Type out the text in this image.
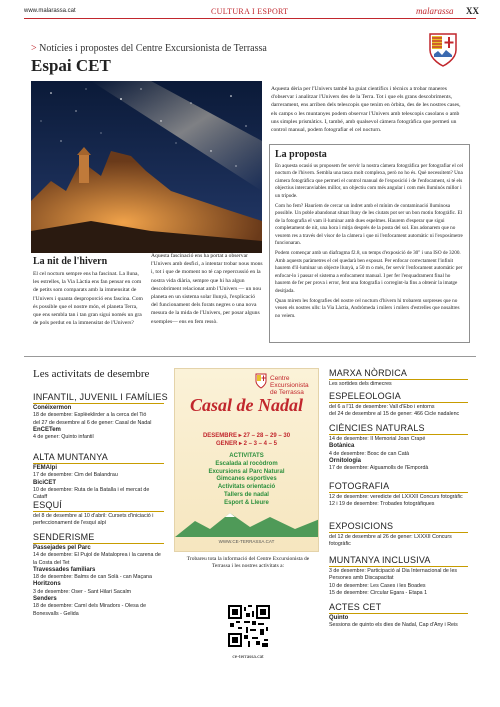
www.malarassa.cat	CULTURA I ESPORT	malarassa XX
> Notícies i propostes del Centre Excursionista de Terrassa
Espai CET
La nit de l'hivern
El cel nocturn sempre ens ha fascinat. La lluna, les estrelles, la Via Làctia ens fan pensar en com de petits som comparats amb la immensitat de l'Univers i quanta desproporció ens fascina. Com és possible que el nostre món, el planeta Terra, que ens sembla tan i tan gran sigui només un gra de pols perdut en la immensitat de l'Univers?
Aquesta fascinació ens ha portat a observar l'Univers amb desfici, a intentar trobar nous mons i, tot i que de moment no té cap repercussió en la nostra vida diària, sempre que hi ha algun descobriment relacionat amb l'Univers — un nou planeta en un sistema solar llunyà, l'explicació del funcionament dels forats negres o una nova mesura de la mida de l'Univers, per posar alguns exemples— ens en fem ressò.
Aquesta dèria per l'Univers també ha guiat científics i tècnics a trobar maneres d'observar i analitzar l'Univers des de la Terra. Tot i que els grans descobriments, darrerament, ens arriben dels telescopis que tenim en òrbita, des de les nostres cases, els camps o les muntanyes podem observar l'Univers amb telescopis casolans o amb uns simples prismàtics. I, també, amb qualsevol càmera fotogràfica que permeti un control manual, podem fotografiar el cel nocturn.
La proposta

En aquesta ocasió us proposem fer servir la nostra càmera fotogràfica per fotografiar el cel nocturn de l'hivern. Sembla una tasca molt complexa, però no ho és. Què necessitem? Una càmera fotogràfica que permeti el control manual de l'exposició i de l'enfocament, si té els objectius intercanviables millor, un objectiu com més angular i com més lluminós millor i un trípode.

Com ho fem? Hauríem de cercar un indret amb el mínim de contaminació lluminosa possible. Un poble abandonat situat lluny de les ciutats pot ser un bon motiu fotogràfic. El de la fotografia el vam il·luminar amb dues espelmes. Haurem d'esperar que sigui completament de nit, una hora i mitja després de la posta del sol. Ens adonarem que no veurem res a través del visor de la càmera i que ni l'enfocament automàtic ni l'exposímetre funcionaran.

Podem començar amb un diafragma f2.8, un temps d'exposició de 30" i una ISO de 3200. Amb aquests paràmetres el cel quedarà ben exposat. Per enfocar correctament l'infinit haurem d'il·luminar un objecte llunyà, a 50 m o més, fer servir l'enfocament automàtic per enfocar-lo i passar el sistema a enfocament manual. I per fer l'enquadrament final ho haurem de fer per prova i error, fent una fotografia i corregint-la fins a obtenir la imatge desitjada.

Quan mirem les fotografies del nostre cel nocturn d'hivern hi trobarem sorpreses que no veuen els nostres ulls: la Via Làctia, Andròmeda i milers i milers d'estrelles que nosaltres no veiem.

Les activitats de desembre
INFANTIL, JUVENIL I FAMÍLIES
Conéixermon
18 de desembre: Esplèeklirder a la cerca del Tió
del 27 de desembre al 6 de gener: Casal de Nadal
EnCETem
4 de gener: Quinto infantil
ALTA MUNTANYA
FEMAlpi
17 de desembre: Cim del Balandrau
BiciCET
10 de desembre: Ruta de la Batalla i el mercat de Cataff
ESQUÍ
del 8 de desembre al 10 d'abril: Cursets d'iniciació i perfeccionament de l'esquí alpí
SENDERISME
Passejades pel Parc
14 de desembre: El Pujol de Mataloprea i la carena de la Costa del Tet
Travessades familiars
18 de desembre: Balms de can Solà - can Maçana
Horitzons
3 de desembre: Oser - Sant Hilari Sacalm
Senders
18 de desembre: Camí dels Miradors - Olesa de Bonesvalls - Gelida
Centre
Excursionista
de Terrassa
Casal de Nadal
DESEMBRE ▸ 27 – 28 – 29 – 30
GENER ▸ 2 – 3 – 4 – 5
ACTIVITATS
Escalada al rocòdrom
Excursions al Parc Natural
Gimcanes esportives
Activitats orientació
Tallers de nadal
Esport & Lleure
WWW.CE-TERRASSA.CAT
Trobareu tota la informació del Centre Excursionista de Terrassa i les nostres activitats a:
ce-terrassa.cat
MARXA NÒRDICA
Les sortides dels dimecres
ESPELEOLOGIA
del 6 a l'11 de desembre: Vall d'Ebo i entorns
del 24 de desembre al 15 de gener: 466 Cicle nadalenc
CIÈNCIES NATURALS
14 de desembre: II Memorial Joan Crapé
Botànica
4 de desembre: Bosc de can Catà
Ornitologia
17 de desembre: Aiguamolls de l'Empordà
FOTOGRAFIA
12 de desembre: veredicte del LXXXII Concurs fotogràfic
12 i 19 de desembre: Trobades fotogràfiques
EXPOSICIONS
del 12 de desembre al 26 de gener: LXXXII Concurs fotogràfic
MUNTANYA INCLUSIVA
3 de desembre: Participació al Dia Internacional de les Persones amb Discapacitat
10 de desembre: Les Cases i les Boades
15 de desembre: Circular Egara - Etapa 1
ACTES CET
Quinto
Sessions de quinto els dies de Nadal, Cap d'Any i Reis
